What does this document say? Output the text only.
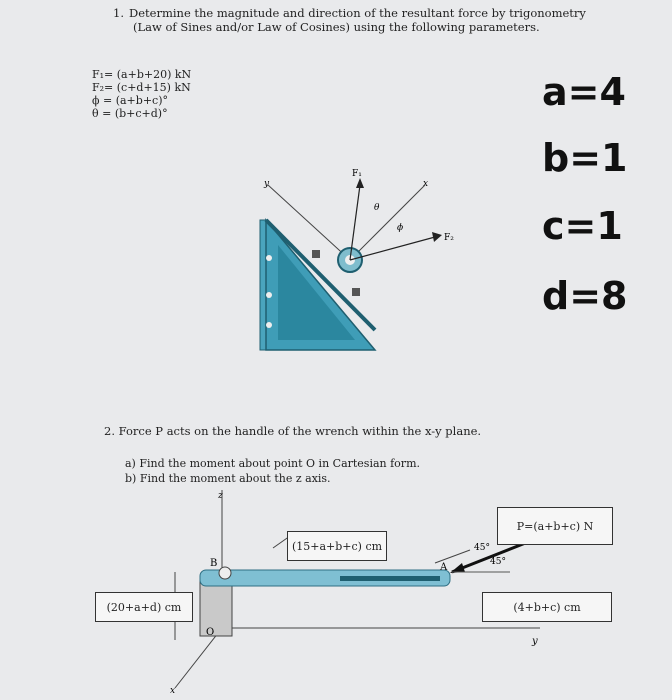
1. Determine the magnitude and direction of the resultant force by trigonometry
(Law of Sines and/or Law of Cosines) using the following parameters.
F₁= (a+b+20) kN
F₂= (c+d+15) kN
ϕ = (a+b+c)°
θ = (b+c+d)°	a=4
b=1
c=1
d=8
y	x
F₁
F₂
θ
ϕ
2. Force P acts on the handle of the wrench within the x-y plane.
a) Find the moment about point O in Cartesian form.
b) Find the moment about the z axis.
z
y
x
O
B	A
45°
45°
(15+a+b+c) cm
P=(a+b+c) N
(20+a+d) cm	(4+b+c) cm
